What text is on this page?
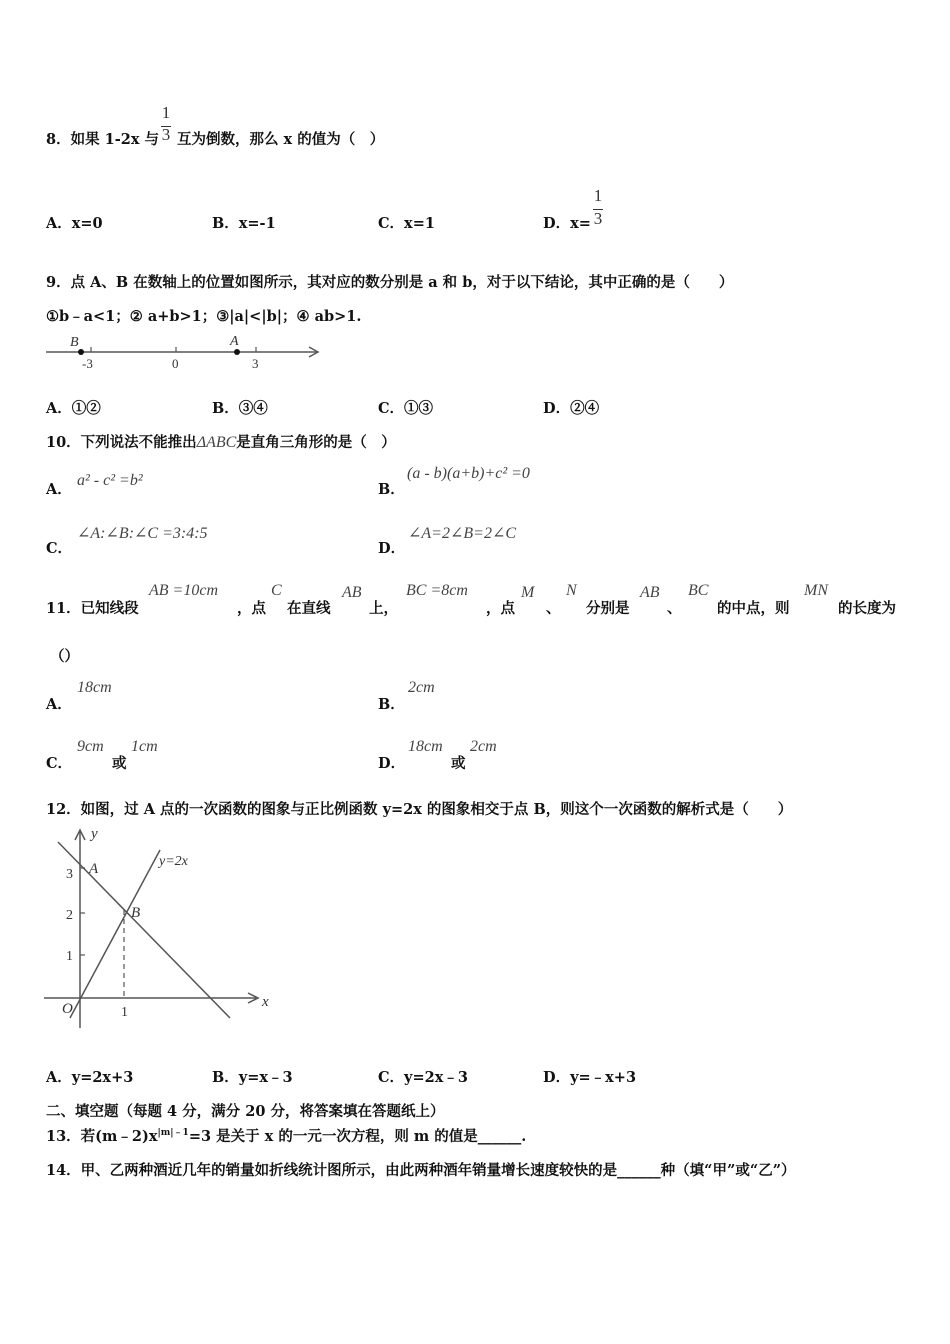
8．如果 1-2x 与
1
3 互为倒数，那么 x 的值为（　）
A．x=0	B．x=-1	C．x=1	D．x=
1
3
9．点 A、B 在数轴上的位置如图所示，其对应的数分别是 a 和 b，对于以下结论，其中正确的是（　　）
①b﹣a<1；② a+b>1；③|a|<|b|；④ ab>1.
B	A
-3	0	3
A．①②	B．③④	C．①③	D．②④
10．下列说法不能推出ΔABC是直角三角形的是（　）
A．
a² - c² =b²
B．
(a - b)(a+b)+c² =0
C．
∠A:∠B:∠C =3:4:5
D．
∠A=2∠B=2∠C
11．已知线段
AB =10cm
，点
C
在直线
AB
上，
BC =8cm
，点
M
、
N
分别是
AB
、
BC
的中点，则
MN
的长度为
（）
A．
18cm
B．
2cm
C．
9cm
或
1cm
D．
18cm
或
2cm
12．如图，过 A 点的一次函数的图象与正比例函数 y=2x 的图象相交于点 B，则这个一次函数的解析式是（　　）
y
x
O
y=2x
A
B
3
2
1
1
A．y=2x+3	B．y=x﹣3	C．y=2x﹣3	D．y=﹣x+3
二、填空题（每题 4 分，满分 20 分，将答案填在答题纸上）
13．若$(m﹣2)x^{|m|﹣1}=3$ 是关于 x 的一元一次方程，则 m 的值是______.
14．甲、乙两种酒近几年的销量如折线统计图所示，由此两种酒年销量增长速度较快的是______种（填“甲”或“乙”）
